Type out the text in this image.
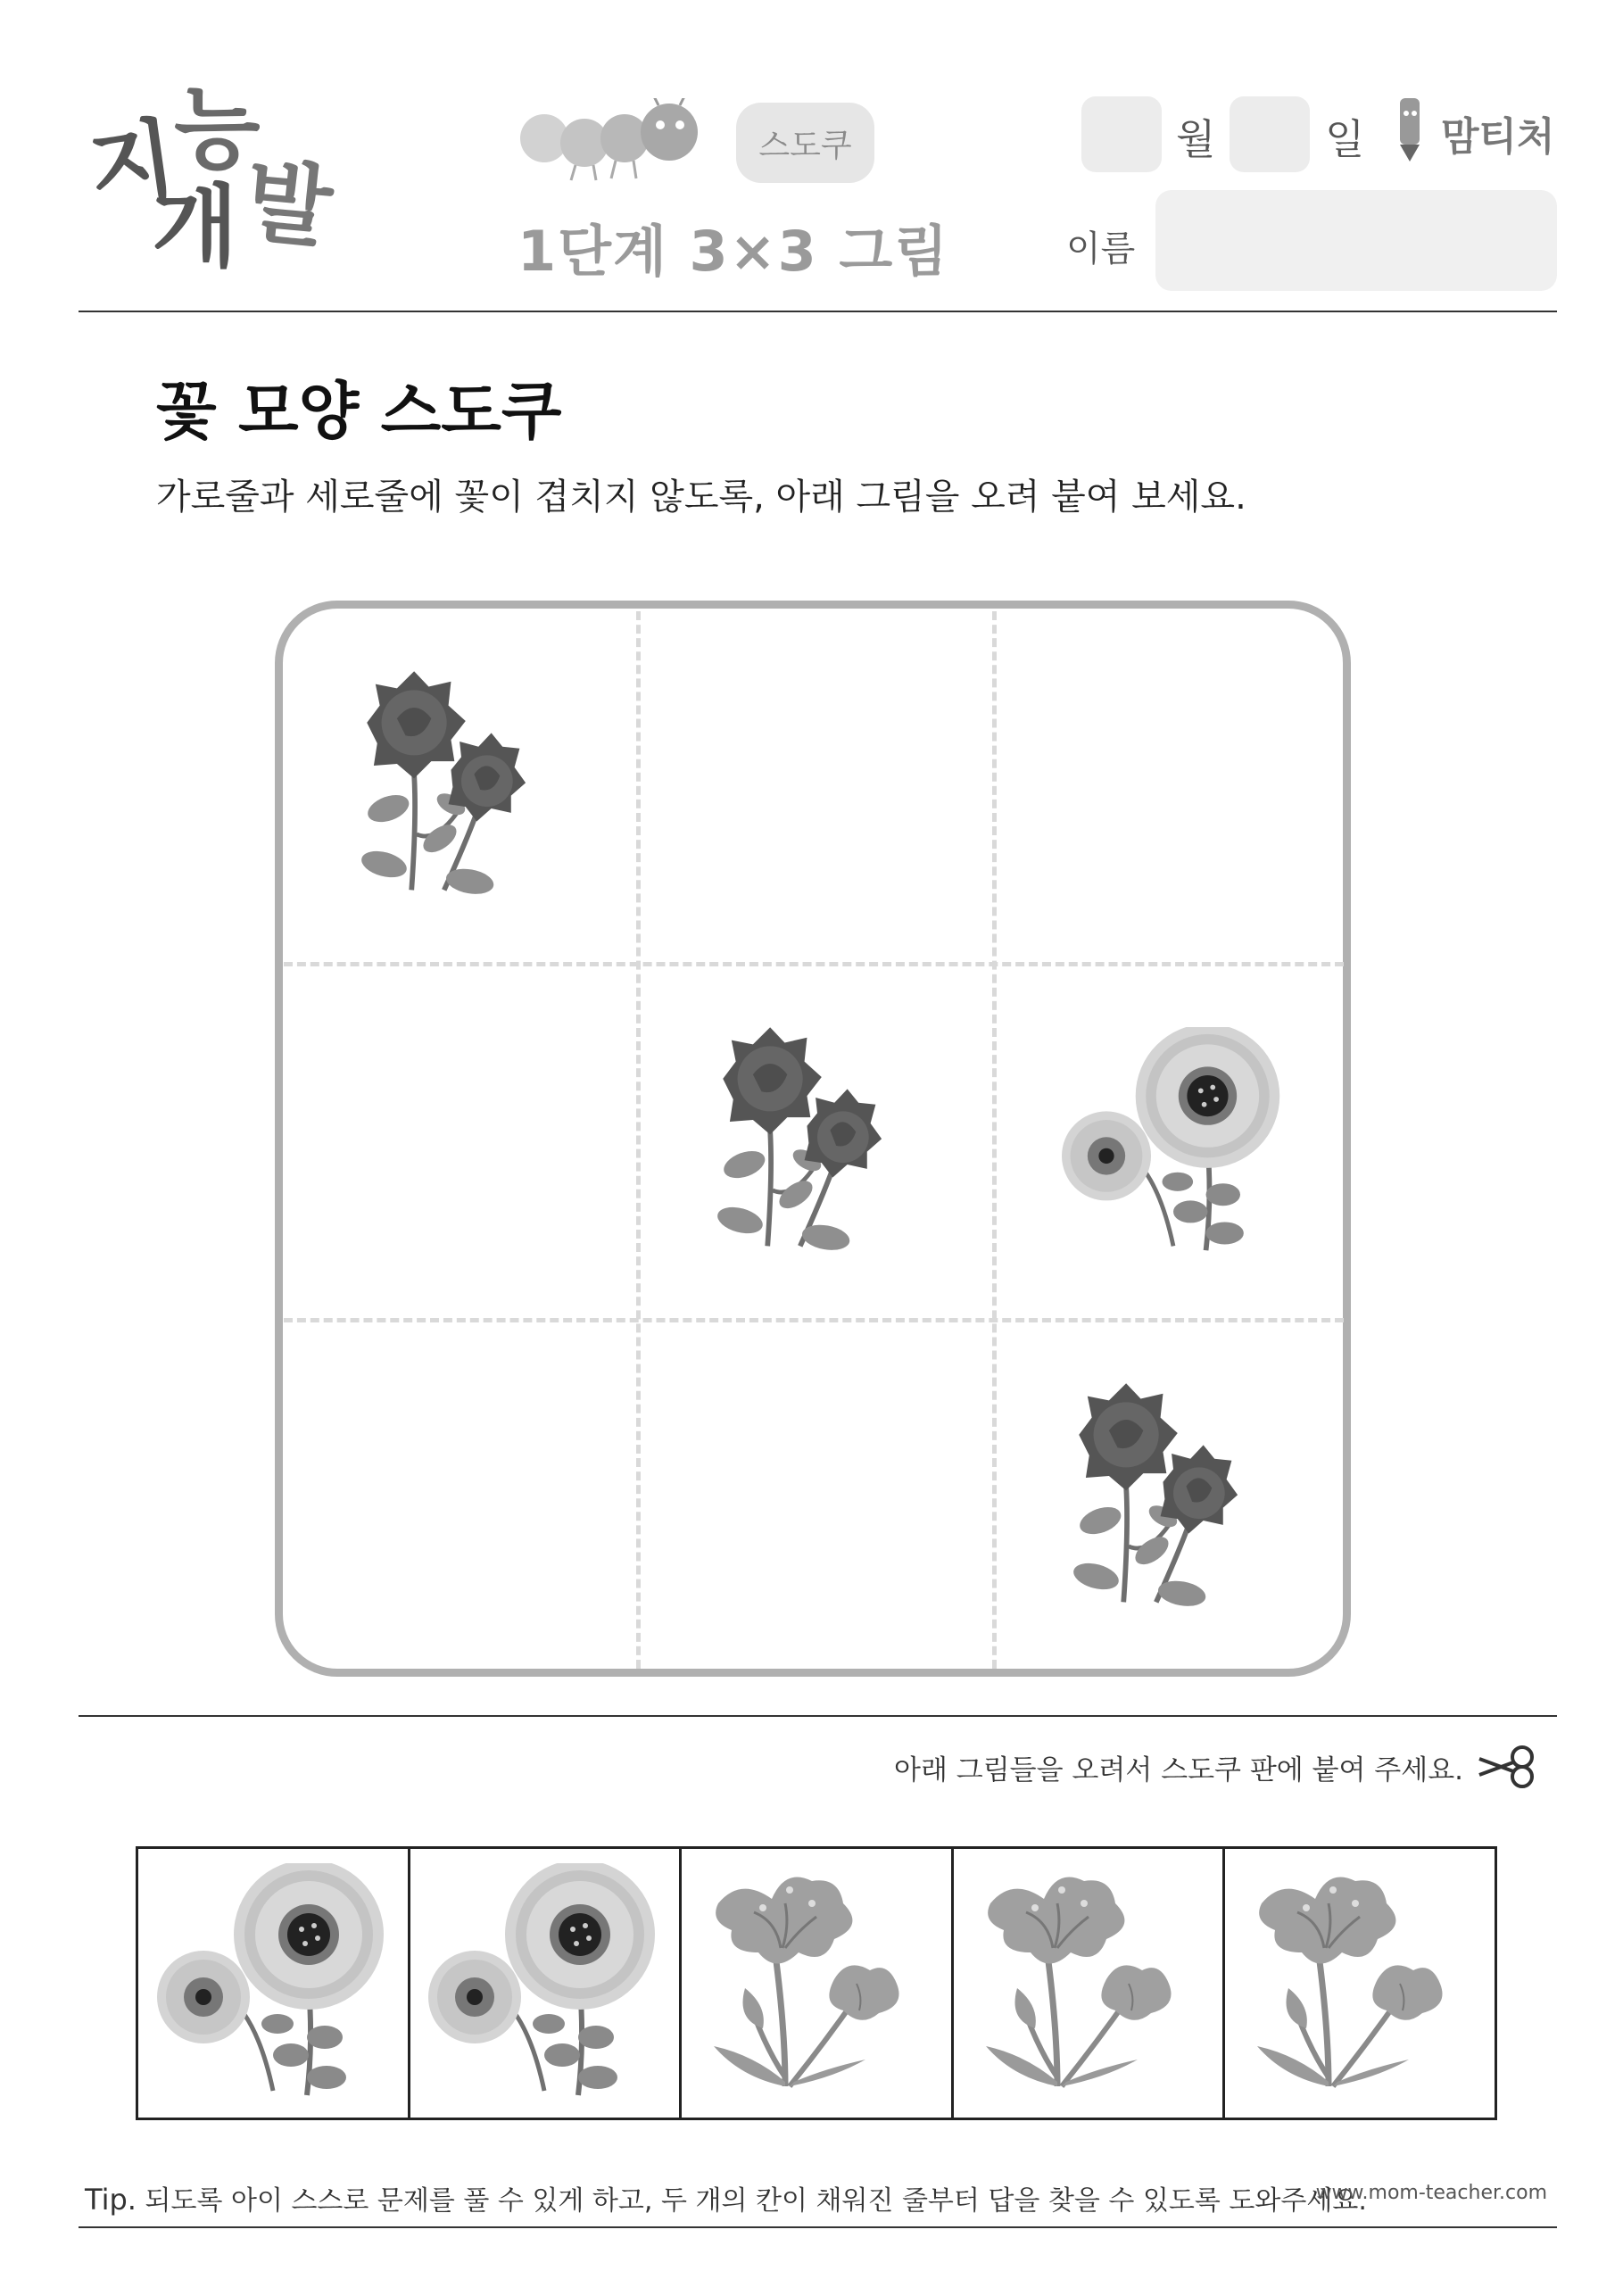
지
능
개 발
스도쿠
1단계 3×3 그림
월	일 맘티처
이름
꽃 모양 스도쿠
가로줄과 세로줄에 꽃이 겹치지 않도록, 아래 그림을 오려 붙여 보세요.
아래 그림들을 오려서 스도쿠 판에 붙여 주세요.
Tip. 되도록 아이 스스로 문제를 풀 수 있게 하고, 두 개의 칸이 채워진 줄부터 답을 찾을 수 있도록 도와주세요.
www.mom-teacher.com
